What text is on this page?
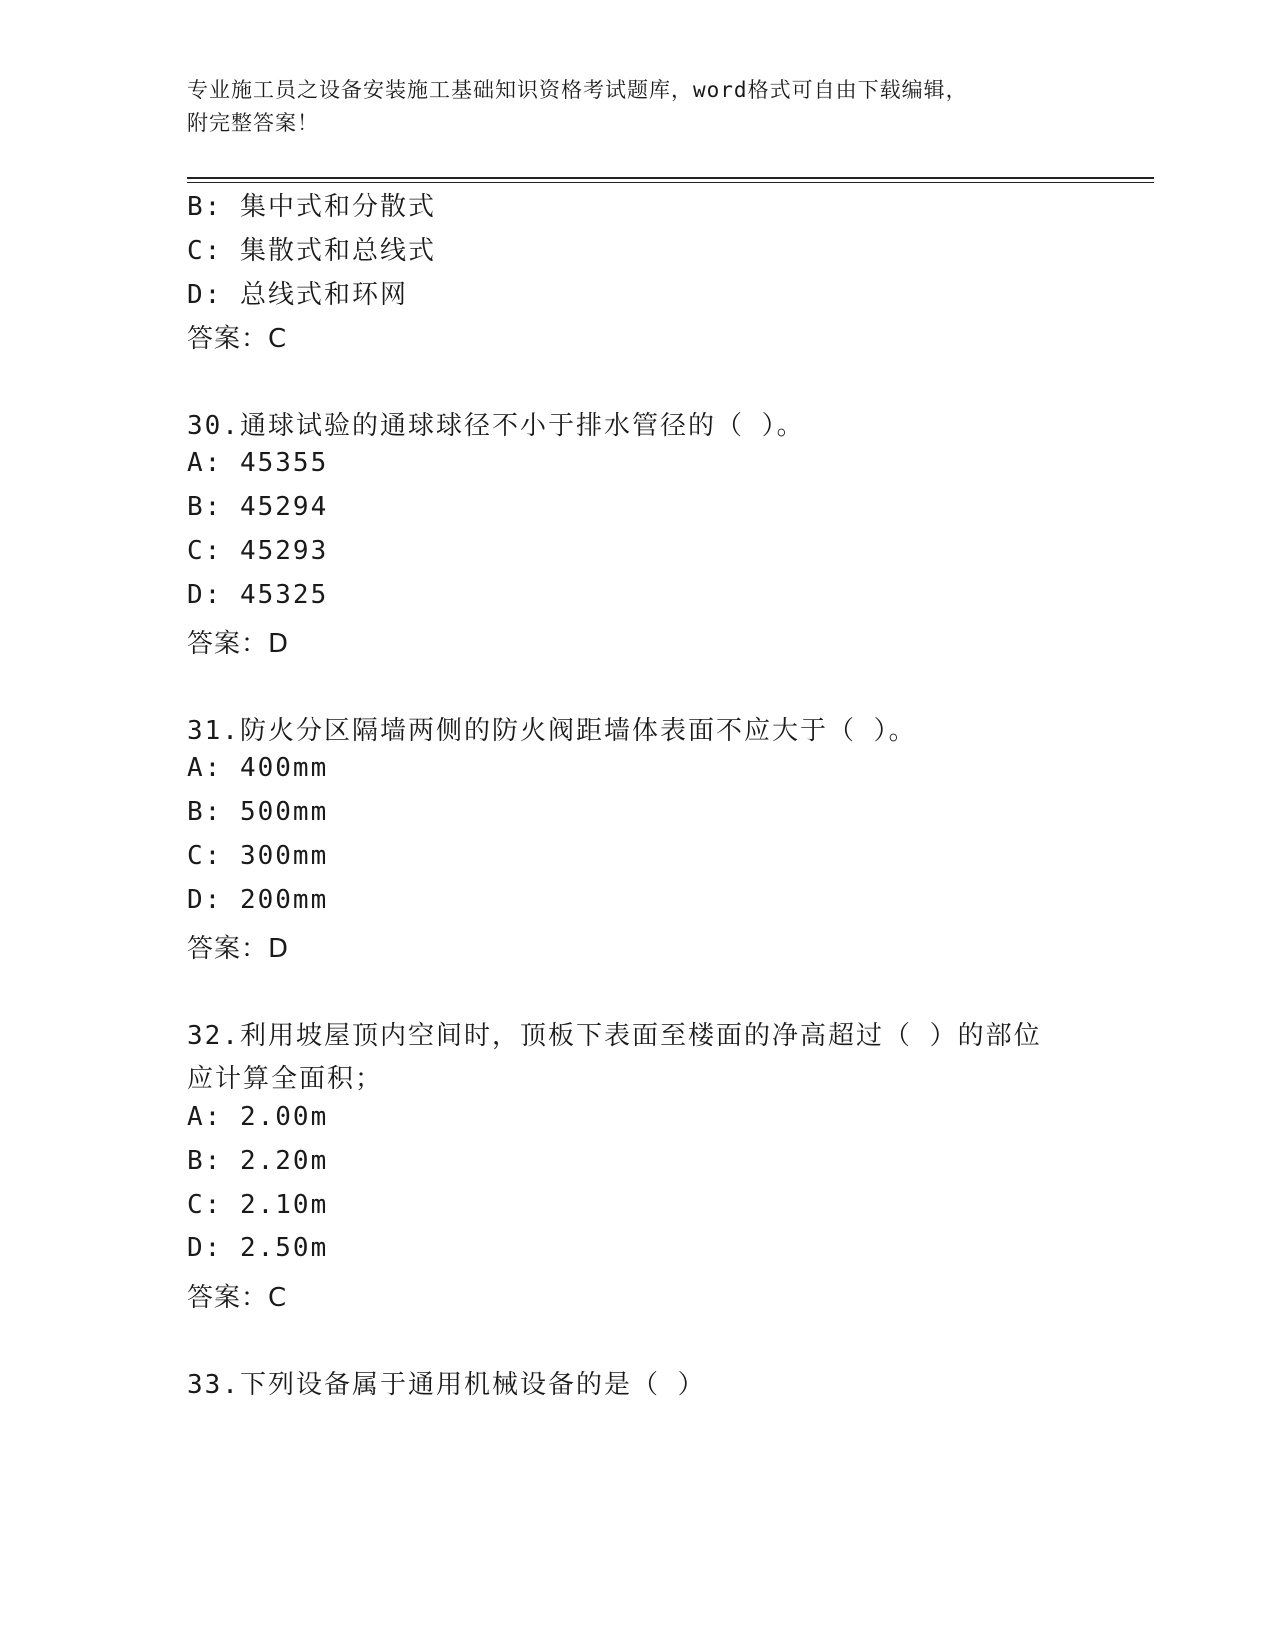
专业施工员之设备安装施工基础知识资格考试题库，word格式可自由下载编辑，
附完整答案！
B: 集中式和分散式
C: 集散式和总线式
D: 总线式和环网
答案：C
30.通球试验的通球球径不小于排水管径的（ ）。
A: 45355
B: 45294
C: 45293
D: 45325
答案：D
31.防火分区隔墙两侧的防火阀距墙体表面不应大于（ ）。
A: 400mm
B: 500mm
C: 300mm
D: 200mm
答案：D
32.利用坡屋顶内空间时，顶板下表面至楼面的净高超过（ ）的部位
应计算全面积；
A: 2.00m
B: 2.20m
C: 2.10m
D: 2.50m
答案：C
33.下列设备属于通用机械设备的是（ ）
